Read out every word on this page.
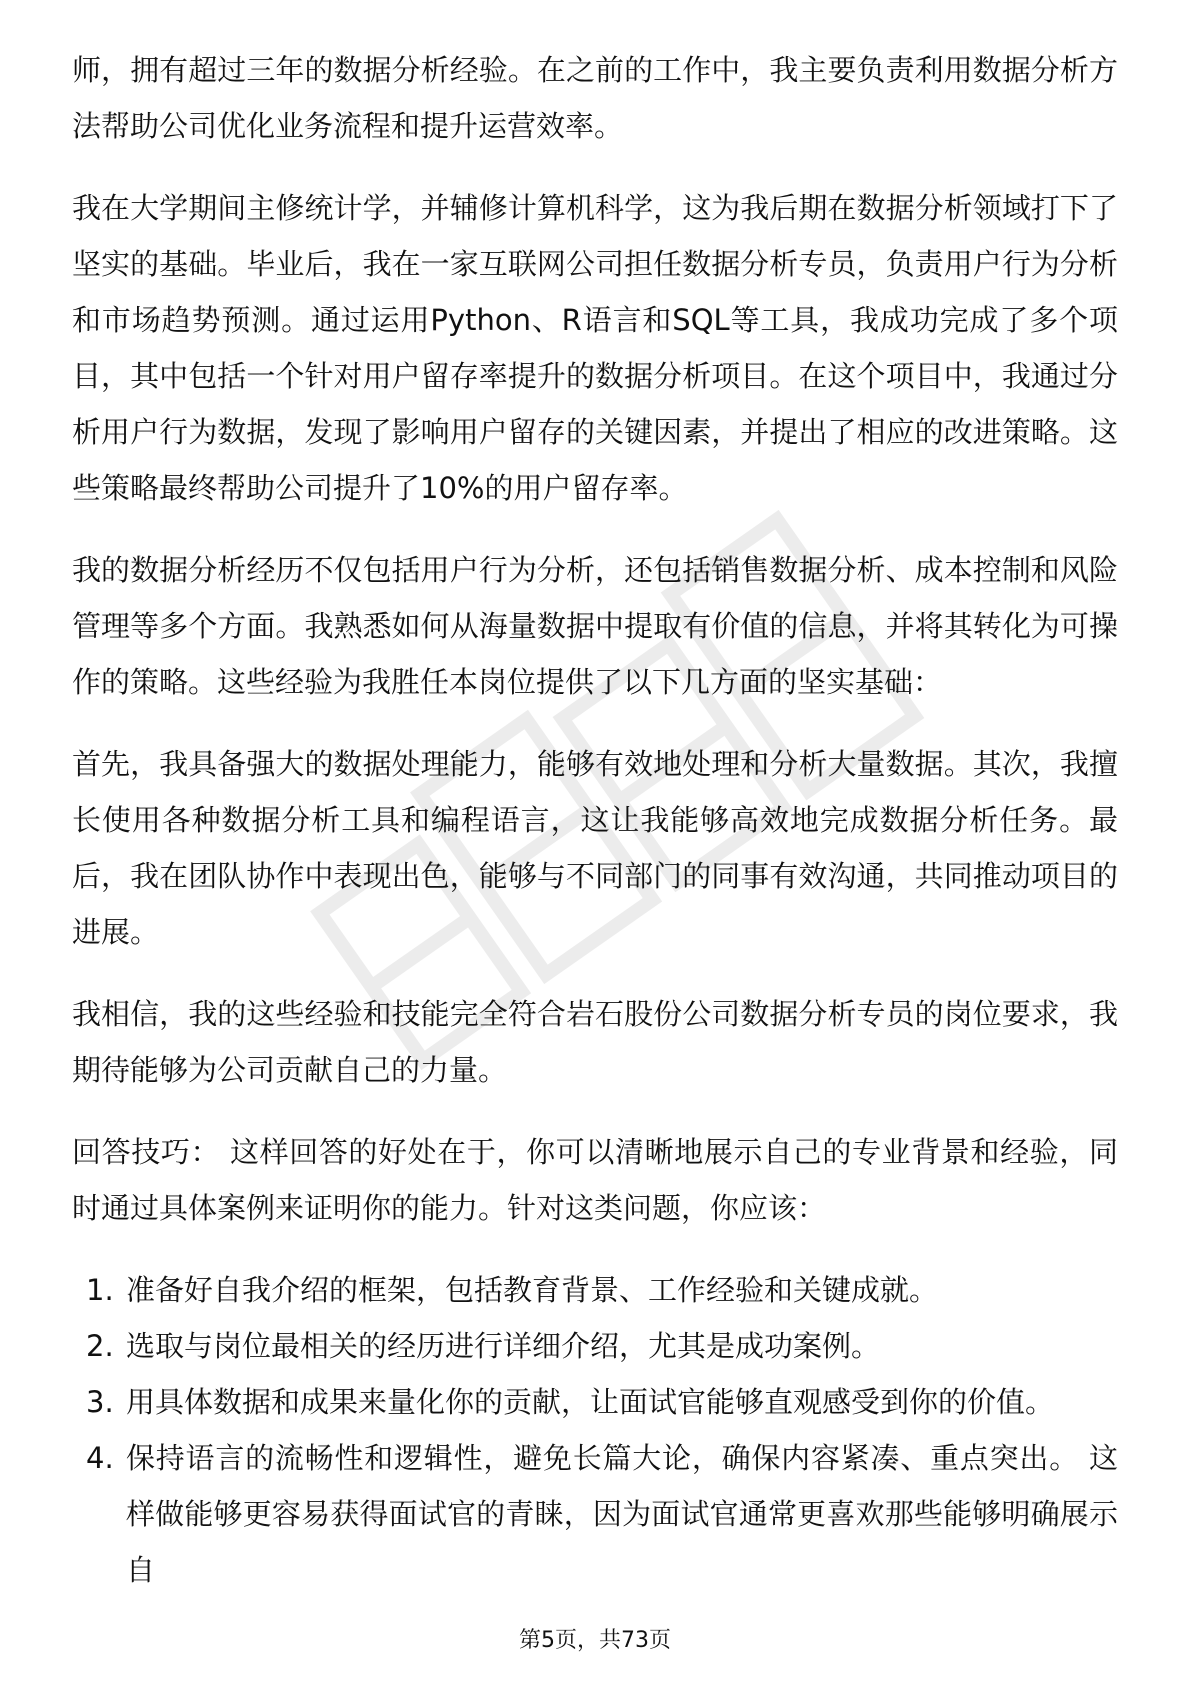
师，拥有超过三年的数据分析经验。在之前的工作中，我主要负责利用数据分析方法帮助公司优化业务流程和提升运营效率。

我在大学期间主修统计学，并辅修计算机科学，这为我后期在数据分析领域打下了坚实的基础。毕业后，我在一家互联网公司担任数据分析专员，负责用户行为分析和市场趋势预测。通过运用Python、R语言和SQL等工具，我成功完成了多个项目，其中包括一个针对用户留存率提升的数据分析项目。在这个项目中，我通过分析用户行为数据，发现了影响用户留存的关键因素，并提出了相应的改进策略。这些策略最终帮助公司提升了10%的用户留存率。

我的数据分析经历不仅包括用户行为分析，还包括销售数据分析、成本控制和风险管理等多个方面。我熟悉如何从海量数据中提取有价值的信息，并将其转化为可操作的策略。这些经验为我胜任本岗位提供了以下几方面的坚实基础：

首先，我具备强大的数据处理能力，能够有效地处理和分析大量数据。其次，我擅长使用各种数据分析工具和编程语言，这让我能够高效地完成数据分析任务。最后，我在团队协作中表现出色，能够与不同部门的同事有效沟通，共同推动项目的进展。

我相信，我的这些经验和技能完全符合岩石股份公司数据分析专员的岗位要求，我期待能够为公司贡献自己的力量。

回答技巧： 这样回答的好处在于，你可以清晰地展示自己的专业背景和经验，同时通过具体案例来证明你的能力。针对这类问题，你应该：

1. 准备好自我介绍的框架，包括教育背景、工作经验和关键成就。
2. 选取与岗位最相关的经历进行详细介绍，尤其是成功案例。
3. 用具体数据和成果来量化你的贡献，让面试官能够直观感受到你的价值。
4. 保持语言的流畅性和逻辑性，避免长篇大论，确保内容紧凑、重点突出。 这样做能够更容易获得面试官的青睐，因为面试官通常更喜欢那些能够明确展示自
第5页，共73页
